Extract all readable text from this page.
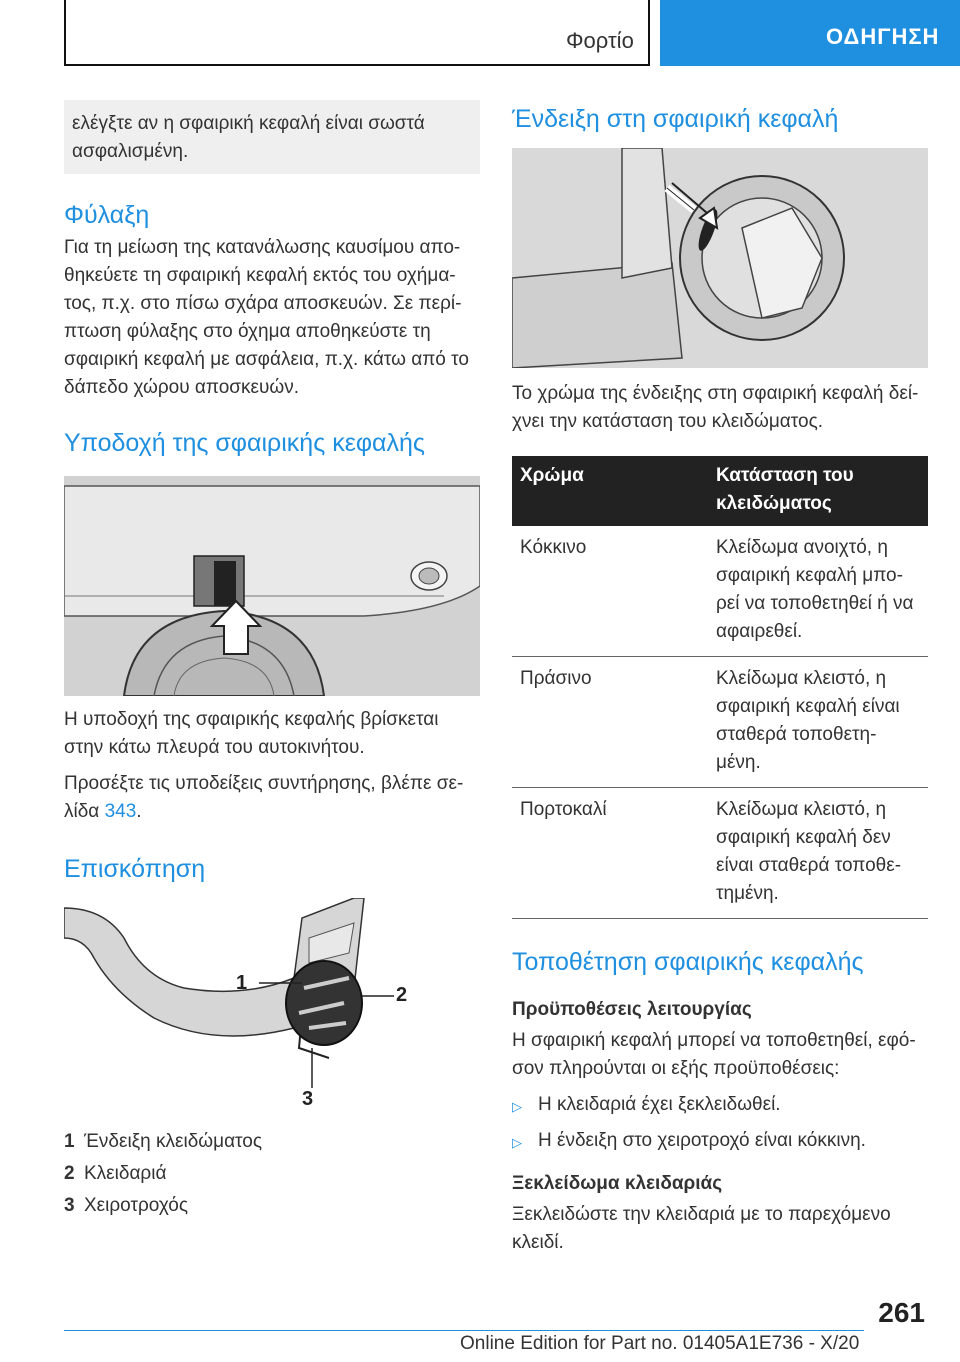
Φορτίο	ΟΔΗΓΗΣΗ
ελέγξτε αν η σφαιρική κεφαλή είναι σωστά ασφαλισμένη.
Φύλαξη

Για τη μείωση της κατανάλωσης καυσίμου απο- θηκεύετε τη σφαιρική κεφαλή εκτός του οχήμα- τος, π.χ. στο πίσω σχάρα αποσκευών. Σε περί- πτωση φύλαξης στο όχημα αποθηκεύστε τη σφαιρική κεφαλή με ασφάλεια, π.χ. κάτω από το δάπεδο χώρου αποσκευών.

Υποδοχή της σφαιρικής κεφαλής

Η υποδοχή της σφαιρικής κεφαλής βρίσκεται στην κάτω πλευρά του αυτοκινήτου.

Προσέξτε τις υποδείξεις συντήρησης, βλέπε σε- λίδα 343.

Επισκόπηση
1
2
3
1 Ένδειξη κλειδώματος
2 Κλειδαριά
3 Χειροτροχός
Ένδειξη στη σφαιρική κεφαλή

Το χρώμα της ένδειξης στη σφαιρική κεφαλή δεί- χνει την κατάσταση του κλειδώματος.

Χρώμα	Κατάσταση του κλειδώματος
Κόκκινο	Κλείδωμα ανοιχτό, η σφαιρική κεφαλή μπο- ρεί να τοποθετηθεί ή να αφαιρεθεί.
Πράσινο	Κλείδωμα κλειστό, η σφαιρική κεφαλή είναι σταθερά τοποθετη- μένη.
Πορτοκαλί	Κλείδωμα κλειστό, η σφαιρική κεφαλή δεν είναι σταθερά τοποθε- τημένη.
Τοποθέτηση σφαιρικής κεφαλής
Προϋποθέσεις λειτουργίας

Η σφαιρική κεφαλή μπορεί να τοποθετηθεί, εφό- σον πληρούνται οι εξής προϋποθέσεις:

▷ Η κλειδαριά έχει ξεκλειδωθεί.
▷ Η ένδειξη στο χειροτροχό είναι κόκκινη.
Ξεκλείδωμα κλειδαριάς

Ξεκλειδώστε την κλειδαριά με το παρεχόμενο κλειδί.

261
Online Edition for Part no. 01405A1E736 - X/20
